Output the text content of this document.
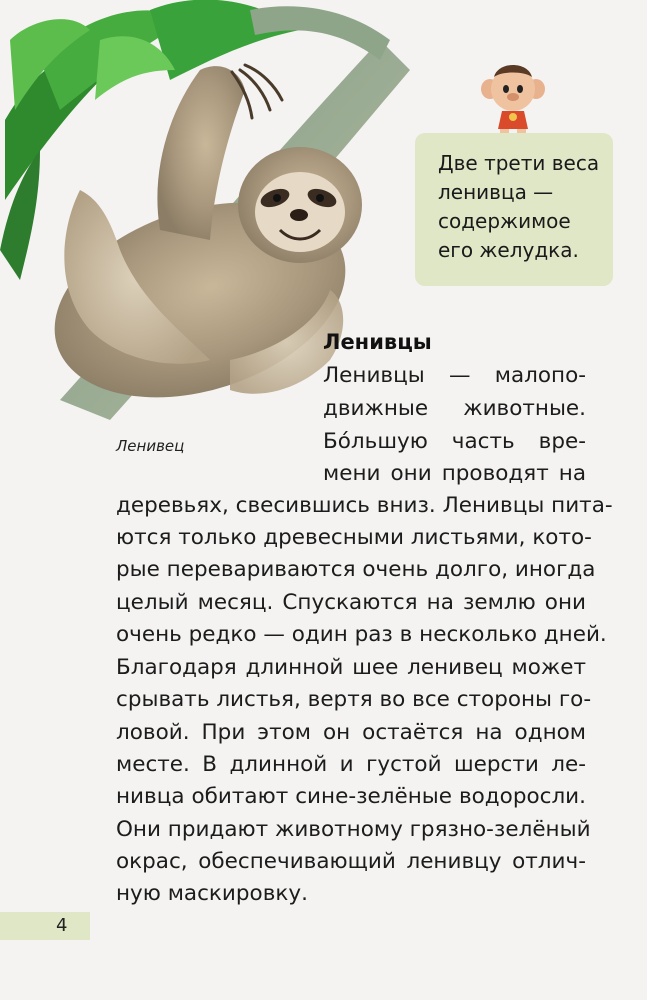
Две трети веса
ленивца —
содержимое
его желудка.
Ленивец
Ленивцы
Ленивцы — малопо-
движные животные.
Бо́льшую часть вре-
мени они проводят на
деревьях, свесившись вниз. Ленивцы пита-
ются только древесными листьями, кото-
рые перевариваются очень долго, иногда
целый месяц. Спускаются на землю они
очень редко — один раз в несколько дней.
Благодаря длинной шее ленивец может
срывать листья, вертя во все стороны го-
ловой. При этом он остаётся на одном
месте. В длинной и густой шерсти ле-
нивца обитают сине-зелёные водоросли.
Они придают животному грязно-зелёный
окрас, обеспечивающий ленивцу отлич-
ную маскировку.
4
